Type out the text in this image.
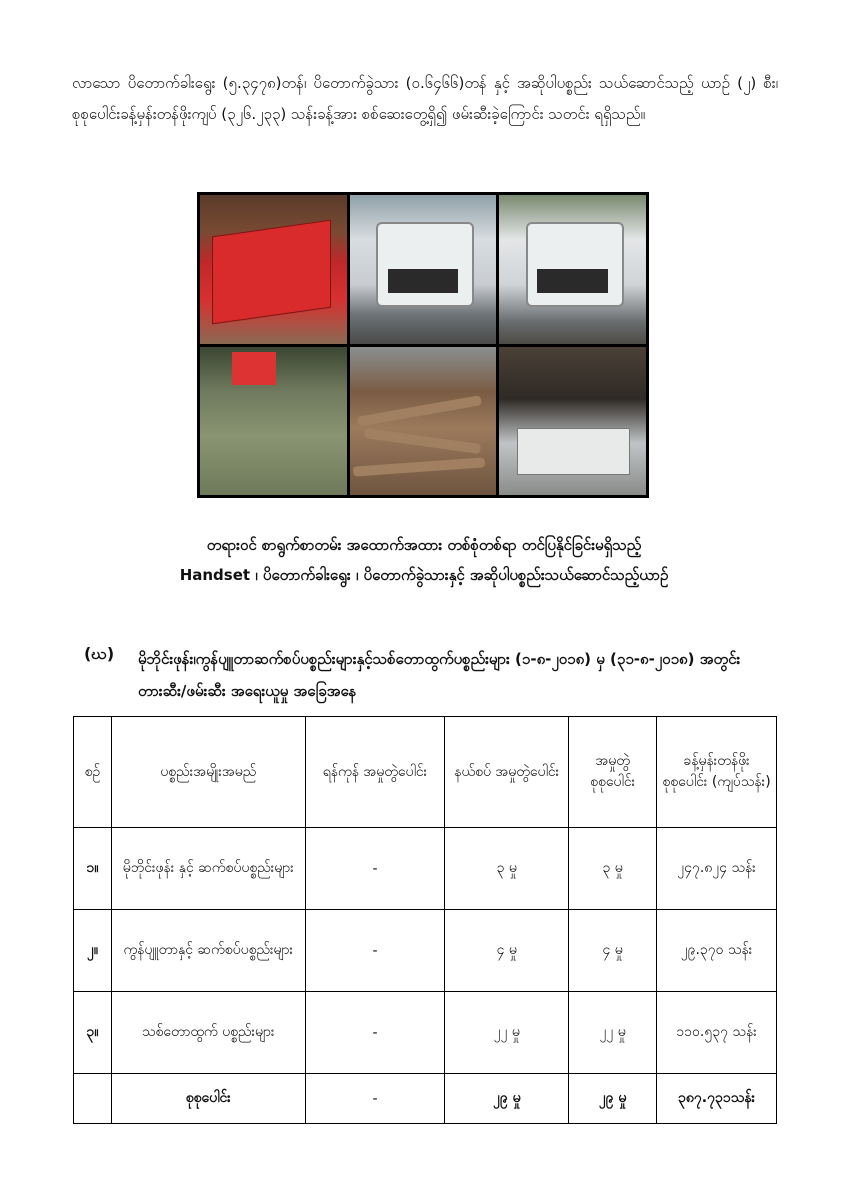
လာသော ပိတောက်ခါးရွေး (၅.၃၄၇၈)တန်၊ ပိတောက်ခွဲသား (၀.၆၄၆၆)တန် နှင့် အဆိုပါပစ္စည်း သယ်ဆောင်သည့် ယာဉ် (၂) စီး၊ စုစုပေါင်းခန့်မှန်းတန်ဖိုးကျပ် (၃၂၆.၂၃၃) သန်းခန့်အား စစ်ဆေးတွေ့ရှိ၍ ဖမ်းဆီးခဲ့ကြောင်း သတင်း ရရှိသည်။
တရားဝင် စာရွက်စာတမ်း အထောက်အထား တစ်စုံတစ်ရာ တင်ပြနိုင်ခြင်းမရှိသည့်
Handset ၊ ပိတောက်ခါးရွေး ၊ ပိတောက်ခွဲသားနှင့် အဆိုပါပစ္စည်းသယ်ဆောင်သည့်ယာဉ်
(ဃ) မိုဘိုင်းဖုန်း၊ကွန်ပျူတာဆက်စပ်ပစ္စည်းများနှင့်သစ်တောထွက်ပစ္စည်းများ (၁-၈-၂၀၁၈) မှ (၃၁-၈-၂၀၁၈) အတွင်း တားဆီး/ဖမ်းဆီး အရေးယူမှု အခြေအနေ
စဉ်	ပစ္စည်းအမျိုးအမည်	ရန်ကုန် အမှုတွဲပေါင်း	နယ်စပ် အမှုတွဲပေါင်း	အမှုတွဲ စုစုပေါင်း	ခန့်မှန်းတန်ဖိုး စုစုပေါင်း (ကျပ်သန်း)
၁။	မိုဘိုင်းဖုန်း နှင့် ဆက်စပ်ပစ္စည်းများ	-	၃ မှု	၃ မှု	၂၄၇.၈၂၄ သန်း
၂။	ကွန်ပျူတာနှင့် ဆက်စပ်ပစ္စည်းများ	-	၄ မှု	၄ မှု	၂၉.၃၇၀ သန်း
၃။	သစ်တောထွက် ပစ္စည်းများ	-	၂၂ မှု	၂၂ မှု	၁၁၀.၅၃၇ သန်း
	စုစုပေါင်း	-	၂၉ မှု	၂၉ မှု	၃၈၇.၇၃၁သန်း
